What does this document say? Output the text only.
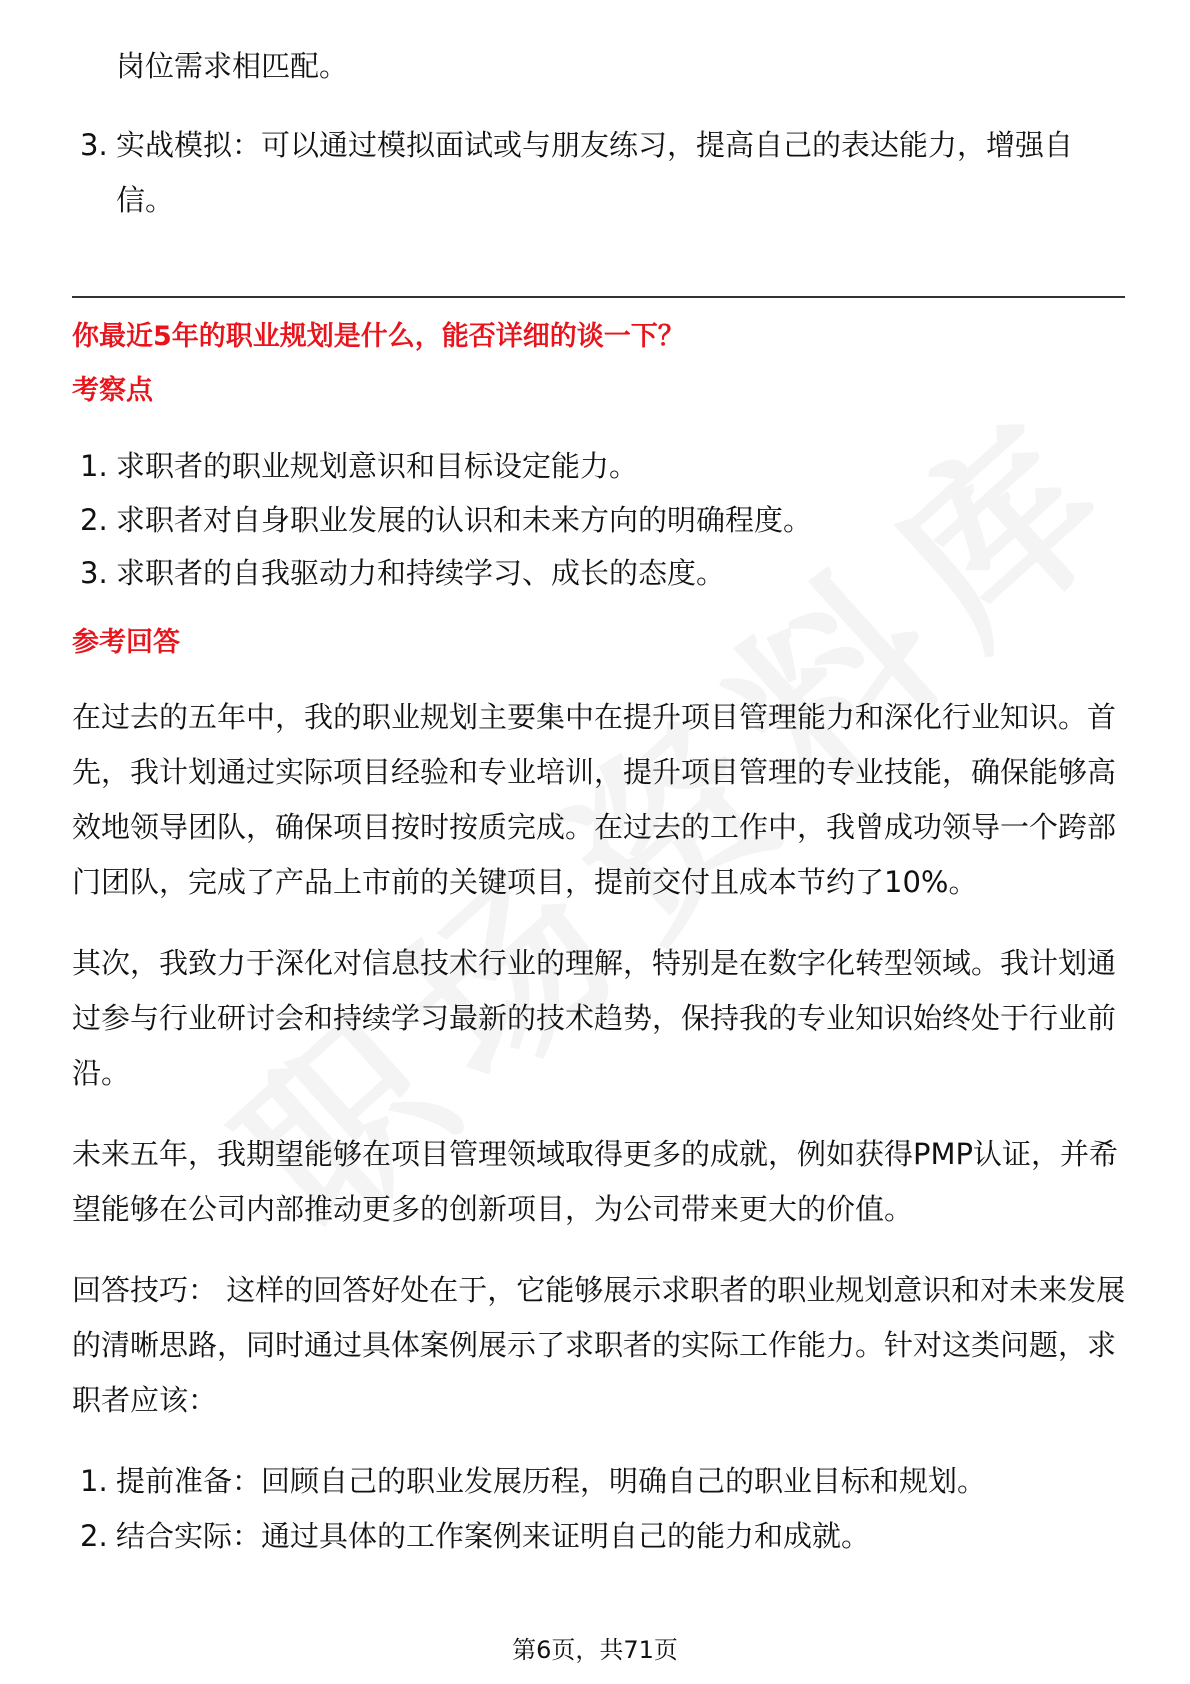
岗位需求相匹配。
3. 实战模拟：可以通过模拟面试或与朋友练习，提高自己的表达能力，增强自
信。
你最近5年的职业规划是什么，能否详细的谈一下？
考察点
1. 求职者的职业规划意识和目标设定能力。
2. 求职者对自身职业发展的认识和未来方向的明确程度。
3. 求职者的自我驱动力和持续学习、成长的态度。
参考回答
在过去的五年中，我的职业规划主要集中在提升项目管理能力和深化行业知识。首
先，我计划通过实际项目经验和专业培训，提升项目管理的专业技能，确保能够高
效地领导团队，确保项目按时按质完成。在过去的工作中，我曾成功领导一个跨部
门团队，完成了产品上市前的关键项目，提前交付且成本节约了10%。
其次，我致力于深化对信息技术行业的理解，特别是在数字化转型领域。我计划通
过参与行业研讨会和持续学习最新的技术趋势，保持我的专业知识始终处于行业前
沿。
未来五年，我期望能够在项目管理领域取得更多的成就，例如获得PMP认证，并希
望能够在公司内部推动更多的创新项目，为公司带来更大的价值。
回答技巧： 这样的回答好处在于，它能够展示求职者的职业规划意识和对未来发展
的清晰思路，同时通过具体案例展示了求职者的实际工作能力。针对这类问题，求
职者应该：
1. 提前准备：回顾自己的职业发展历程，明确自己的职业目标和规划。
2. 结合实际：通过具体的工作案例来证明自己的能力和成就。
第6页，共71页
